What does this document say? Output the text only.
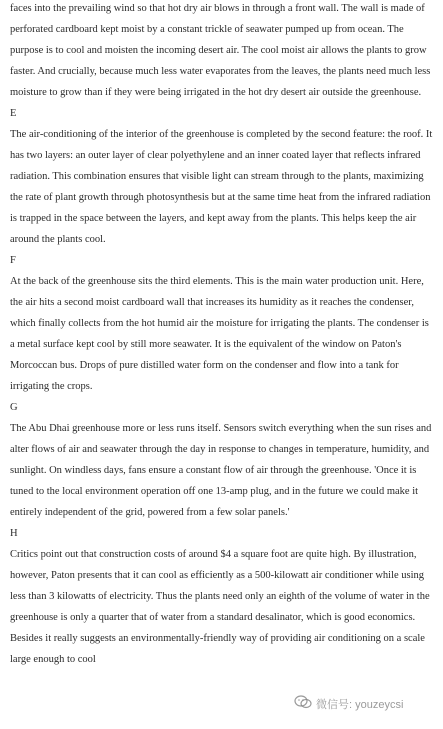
faces into the prevailing wind so that hot dry air blows in through a front wall. The wall is made of perforated cardboard kept moist by a constant trickle of seawater pumped up from ocean. The purpose is to cool and moisten the incoming desert air. The cool moist air allows the plants to grow faster. And crucially, because much less water evaporates from the leaves, the plants need much less moisture to grow than if they were being irrigated in the hot dry desert air outside the greenhouse.

E

The air-conditioning of the interior of the greenhouse is completed by the second feature: the roof. It has two layers: an outer layer of clear polyethylene and an inner coated layer that reflects infrared radiation. This combination ensures that visible light can stream through to the plants, maximizing the rate of plant growth through photosynthesis but at the same time heat from the infrared radiation is trapped in the space between the layers, and kept away from the plants. This helps keep the air around the plants cool.

F

At the back of the greenhouse sits the third elements. This is the main water production unit. Here, the air hits a second moist cardboard wall that increases its humidity as it reaches the condenser, which finally collects from the hot humid air the moisture for irrigating the plants. The condenser is a metal surface kept cool by still more seawater. It is the equivalent of the window on Paton's Morcoccan bus. Drops of pure distilled water form on the condenser and flow into a tank for irrigating the crops.

G

The Abu Dhai greenhouse more or less runs itself. Sensors switch everything when the sun rises and alter flows of air and seawater through the day in response to changes in temperature, humidity, and sunlight. On windless days, fans ensure a constant flow of air through the greenhouse. 'Once it is tuned to the local environment operation off one 13-amp plug, and in the future we could make it entirely independent of the grid, powered from a few solar panels.'

H

Critics point out that construction costs of around $4 a square foot are quite high. By illustration, however, Paton presents that it can cool as efficiently as a 500-kilowatt air conditioner while using less than 3 kilowatts of electricity. Thus the plants need only an eighth of the volume of water in the greenhouse is only a quarter that of water from a standard desalinator, which is good economics. Besides it really suggests an environmentally-friendly way of providing air conditioning on a scale large enough to cool

微信号: youzeycsi
